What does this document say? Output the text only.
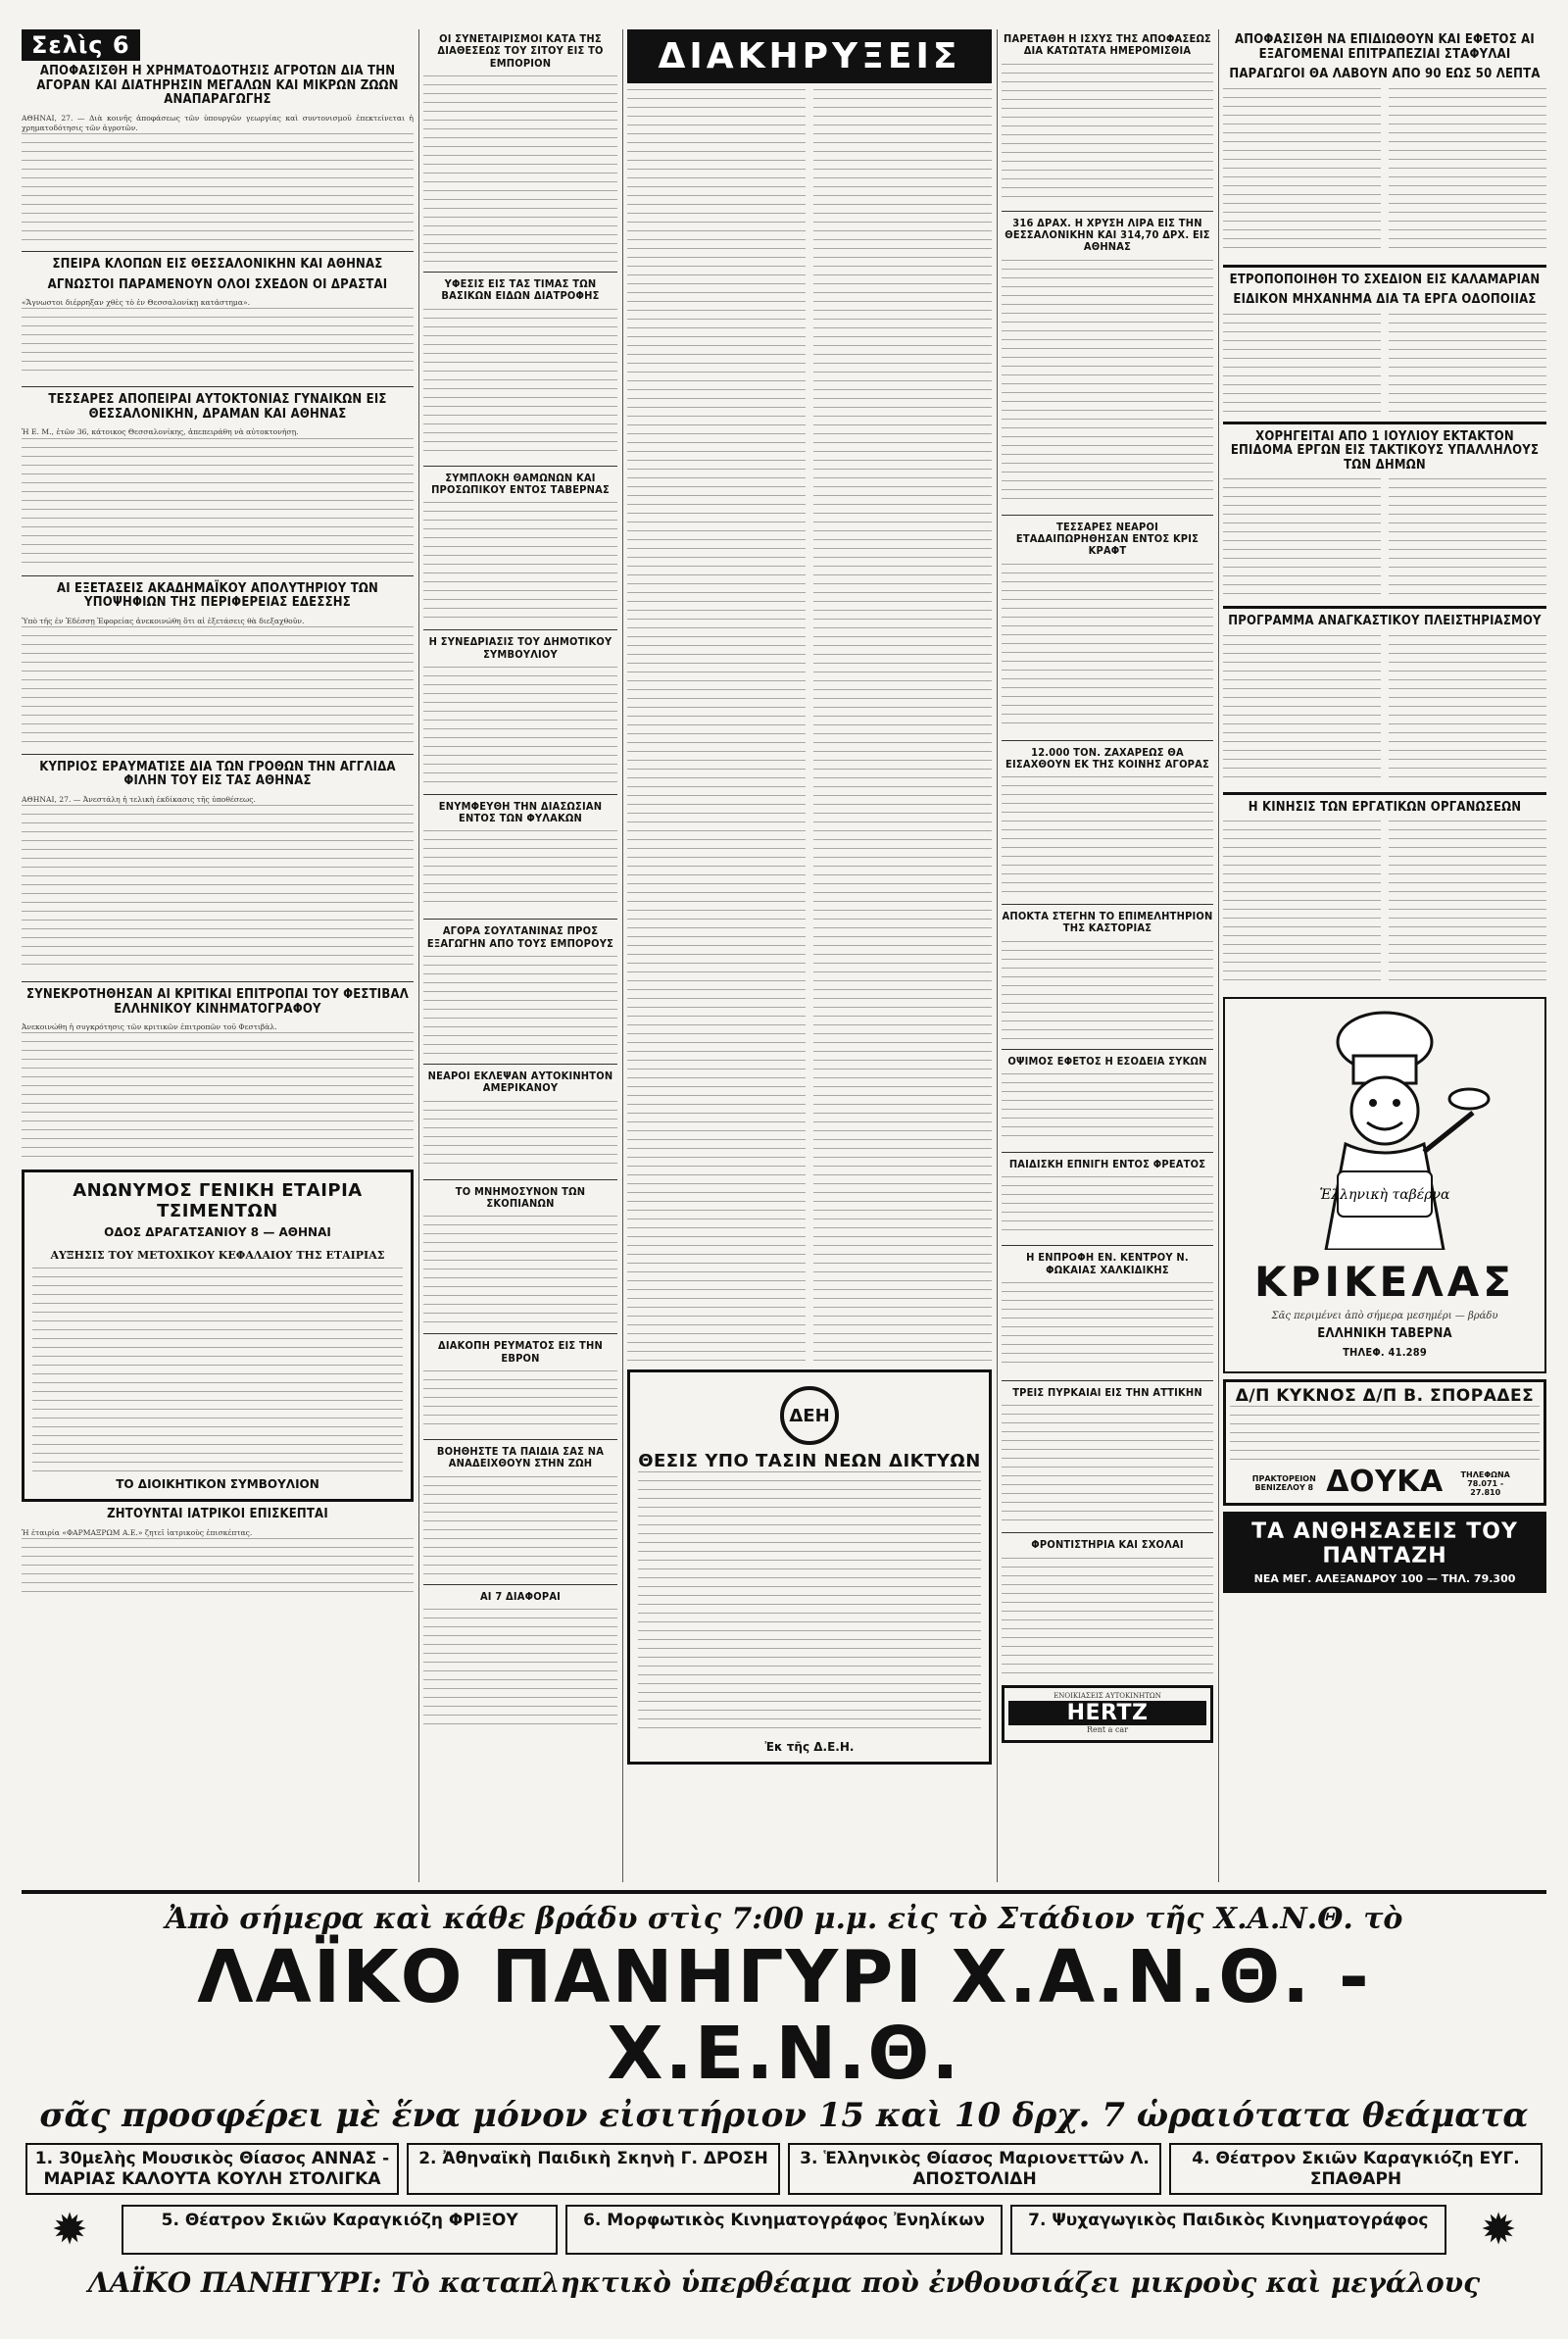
Σελὶς 6
ΑΠΟΦΑΣΙΣΘΗ Η ΧΡΗΜΑΤΟΔΟΤΗΣΙΣ ΑΓΡΟΤΩΝ ΔΙΑ ΤΗΝ ΑΓΟΡΑΝ ΚΑΙ ΔΙΑΤΗΡΗΣΙΝ ΜΕΓΑΛΩΝ ΚΑΙ ΜΙΚΡΩΝ ΖΩΩΝ ΑΝΑΠΑΡΑΓΩΓΗΣ
ΑΘΗΝΑΙ, 27. — Διὰ κοινῆς ἀποφάσεως τῶν ὑπουργῶν γεωργίας καὶ συντονισμοῦ ἐπεκτείνεται ἡ χρηματοδότησις τῶν ἀγροτῶν.
ΣΠΕΙΡΑ ΚΛΟΠΩΝ ΕΙΣ ΘΕΣΣΑΛΟΝΙΚΗΝ ΚΑΙ ΑΘΗΝΑΣ
ΑΓΝΩΣΤΟΙ ΠΑΡΑΜΕΝΟΥΝ ΟΛΟΙ ΣΧΕΔΟΝ ΟΙ ΔΡΑΣΤΑΙ
«Ἄγνωστοι διέρρηξαν χθὲς τὸ ἐν Θεσσαλονίκῃ κατάστημα».
ΤΕΣΣΑΡΕΣ ΑΠΟΠΕΙΡΑΙ ΑΥΤΟΚΤΟΝΙΑΣ ΓΥΝΑΙΚΩΝ ΕΙΣ ΘΕΣΣΑΛΟΝΙΚΗΝ, ΔΡΑΜΑΝ ΚΑΙ ΑΘΗΝΑΣ
Ἡ Ε. Μ., ἐτῶν 36, κάτοικος Θεσσαλονίκης, ἀπεπειράθη νὰ αὐτοκτονήσῃ.
ΑΙ ΕΞΕΤΑΣΕΙΣ ΑΚΑΔΗΜΑΪΚΟΥ ΑΠΟΛΥΤΗΡΙΟΥ ΤΩΝ ΥΠΟΨΗΦΙΩΝ ΤΗΣ ΠΕΡΙΦΕΡΕΙΑΣ ΕΔΕΣΣΗΣ
Ὑπὸ τῆς ἐν Ἐδέσσῃ Ἐφορείας ἀνεκοινώθη ὅτι αἱ ἐξετάσεις θὰ διεξαχθοῦν.
ΚΥΠΡΙΟΣ ΕΡΑΥΜΑΤΙΣΕ ΔΙΑ ΤΩΝ ΓΡΟΘΩΝ ΤΗΝ ΑΓΓΛΙΔΑ ΦΙΛΗΝ ΤΟΥ ΕΙΣ ΤΑΣ ΑΘΗΝΑΣ
ΑΘΗΝΑΙ, 27. — Ἀνεστάλη ἡ τελικὴ ἐκδίκασις τῆς ὑποθέσεως.
ΣΥΝΕΚΡΟΤΗΘΗΣΑΝ ΑΙ ΚΡΙΤΙΚΑΙ ΕΠΙΤΡΟΠΑΙ ΤΟΥ ΦΕΣΤΙΒΑΛ ΕΛΛΗΝΙΚΟΥ ΚΙΝΗΜΑΤΟΓΡΑΦΟΥ
Ἀνεκοινώθη ἡ συγκρότησις τῶν κριτικῶν ἐπιτροπῶν τοῦ Φεστιβὰλ.
ΑΝΩΝΥΜΟΣ ΓΕΝΙΚΗ ΕΤΑΙΡΙΑ ΤΣΙΜΕΝΤΩΝ
ΟΔΟΣ ΔΡΑΓΑΤΣΑΝΙΟΥ 8 — ΑΘΗΝΑΙ
ΑΥΞΗΣΙΣ ΤΟΥ ΜΕΤΟΧΙΚΟΥ ΚΕΦΑΛΑΙΟΥ ΤΗΣ ΕΤΑΙΡΙΑΣ
ΤΟ ΔΙΟΙΚΗΤΙΚΟΝ ΣΥΜΒΟΥΛΙΟΝ
ΖΗΤΟΥΝΤΑΙ ΙΑΤΡΙΚΟΙ ΕΠΙΣΚΕΠΤΑΙ
Ἡ ἐταιρία «ΦΑΡΜΑΞΡΩΜ Α.Ε.» ζητεῖ ἰατρικοὺς ἐπισκέπτας.
ΟΙ ΣΥΝΕΤΑΙΡΙΣΜΟΙ ΚΑΤΑ ΤΗΣ ΔΙΑΘΕΣΕΩΣ ΤΟΥ ΣΙΤΟΥ ΕΙΣ ΤΟ ΕΜΠΟΡΙΟΝ
ΥΦΕΣΙΣ ΕΙΣ ΤΑΣ ΤΙΜΑΣ ΤΩΝ ΒΑΣΙΚΩΝ ΕΙΔΩΝ ΔΙΑΤΡΟΦΗΣ
ΣΥΜΠΛΟΚΗ ΘΑΜΩΝΩΝ ΚΑΙ ΠΡΟΣΩΠΙΚΟΥ ΕΝΤΟΣ ΤΑΒΕΡΝΑΣ
Η ΣΥΝΕΔΡΙΑΣΙΣ ΤΟΥ ΔΗΜΟΤΙΚΟΥ ΣΥΜΒΟΥΛΙΟΥ
ΕΝΥΜΦΕΥΘΗ ΤΗΝ ΔΙΑΣΩΣΙΑΝ ΕΝΤΟΣ ΤΩΝ ΦΥΛΑΚΩΝ
ΑΓΟΡΑ ΣΟΥΛΤΑΝΙΝΑΣ ΠΡΟΣ ΕΞΑΓΩΓΗΝ ΑΠΟ ΤΟΥΣ ΕΜΠΟΡΟΥΣ
ΝΕΑΡΟΙ ΕΚΛΕΨΑΝ ΑΥΤΟΚΙΝΗΤΟΝ ΑΜΕΡΙΚΑΝΟΥ
ΤΟ ΜΝΗΜΟΣΥΝΟΝ ΤΩΝ ΣΚΟΠΙΑΝΩΝ
ΔΙΑΚΟΠΗ ΡΕΥΜΑΤΟΣ ΕΙΣ ΤΗΝ ΕΒΡΟΝ
ΒΟΗΘΗΣΤΕ ΤΑ ΠΑΙΔΙΑ ΣΑΣ ΝΑ ΑΝΑΔΕΙΧΘΟΥΝ ΣΤΗΝ ΖΩΗ
ΑΙ 7 ΔΙΑΦΟΡΑΙ
ΔΙΑΚΗΡΥΞΕΙΣ
ΔΕΗ
ΘΕΣΙΣ ΥΠΟ ΤΑΣΙΝ ΝΕΩΝ ΔΙΚΤΥΩΝ
Ἐκ τῆς Δ.Ε.Η.
ΠΑΡΕΤΑΘΗ Η ΙΣΧΥΣ ΤΗΣ ΑΠΟΦΑΣΕΩΣ ΔΙΑ ΚΑΤΩΤΑΤΑ ΗΜΕΡΟΜΙΣΘΙΑ
316 ΔΡΑΧ. Η ΧΡΥΣΗ ΛΙΡΑ ΕΙΣ ΤΗΝ ΘΕΣΣΑΛΟΝΙΚΗΝ ΚΑΙ 314,70 ΔΡΧ. ΕΙΣ ΑΘΗΝΑΣ
ΤΕΣΣΑΡΕΣ ΝΕΑΡΟΙ ΕΤΑΔΑΙΠΩΡΗΘΗΣΑΝ ΕΝΤΟΣ ΚΡΙΣ ΚΡΑΦΤ
12.000 ΤΟΝ. ΖΑΧΑΡΕΩΣ ΘΑ ΕΙΣΑΧΘΟΥΝ ΕΚ ΤΗΣ ΚΟΙΝΗΣ ΑΓΟΡΑΣ
ΑΠΟΚΤΑ ΣΤΕΓΗΝ ΤΟ ΕΠΙΜΕΛΗΤΗΡΙΟΝ ΤΗΣ ΚΑΣΤΟΡΙΑΣ
ΟΨΙΜΟΣ ΕΦΕΤΟΣ Η ΕΣΟΔΕΙΑ ΣΥΚΩΝ
ΠΑΙΔΙΣΚΗ ΕΠΝΙΓΗ ΕΝΤΟΣ ΦΡΕΑΤΟΣ
Η ΕΝΠΡΟΦΗ ΕΝ. ΚΕΝΤΡΟΥ Ν. ΦΩΚΑΙΑΣ ΧΑΛΚΙΔΙΚΗΣ
ΤΡΕΙΣ ΠΥΡΚΑΙΑΙ ΕΙΣ ΤΗΝ ΑΤΤΙΚΗΝ
ΦΡΟΝΤΙΣΤΗΡΙΑ ΚΑΙ ΣΧΟΛΑΙ
ΕΝΟΙΚΙΑΣΕΙΣ ΑΥΤΟΚΙΝΗΤΩΝ
HERTZ
Rent a car
ΑΠΟΦΑΣΙΣΘΗ ΝΑ ΕΠΙΔΙΩΘΟΥΝ ΚΑΙ ΕΦΕΤΟΣ ΑΙ ΕΞΑΓΟΜΕΝΑΙ ΕΠΙΤΡΑΠΕΖΙΑΙ ΣΤΑΦΥΛΑΙ
ΠΑΡΑΓΩΓΟΙ ΘΑ ΛΑΒΟΥΝ ΑΠΟ 90 ΕΩΣ 50 ΛΕΠΤΑ
ΕΤΡΟΠΟΠΟΙΗΘΗ ΤΟ ΣΧΕΔΙΟΝ ΕΙΣ ΚΑΛΑΜΑΡΙΑΝ
ΕΙΔΙΚΟΝ ΜΗΧΑΝΗΜΑ ΔΙΑ ΤΑ ΕΡΓΑ ΟΔΟΠΟΙΙΑΣ
ΧΟΡΗΓΕΙΤΑΙ ΑΠΟ 1 ΙΟΥΛΙΟΥ ΕΚΤΑΚΤΟΝ ΕΠΙΔΟΜΑ ΕΡΓΩΝ ΕΙΣ ΤΑΚΤΙΚΟΥΣ ΥΠΑΛΛΗΛΟΥΣ ΤΩΝ ΔΗΜΩΝ
ΠΡΟΓΡΑΜΜΑ ΑΝΑΓΚΑΣΤΙΚΟΥ ΠΛΕΙΣΤΗΡΙΑΣΜΟΥ
Η ΚΙΝΗΣΙΣ ΤΩΝ ΕΡΓΑΤΙΚΩΝ ΟΡΓΑΝΩΣΕΩΝ
Ἑλληνικὴ ταβέρνα
ΚΡΙΚΕΛΑΣ
Σᾶς περιμένει ἀπὸ σήμερα μεσημέρι — βράδυ
ΕΛΛΗΝΙΚΗ ΤΑΒΕΡΝΑ
ΤΗΛΕΦ. 41.289
Δ/Π ΚΥΚΝΟΣ Δ/Π Β. ΣΠΟΡΑΔΕΣ
ΠΡΑΚΤΟΡΕΙΟΝ ΒΕΝΙΖΕΛΟΥ 8 ΔΟΥΚΑ	ΤΗΛΕΦΩΝΑ 78.071 - 27.810
ΤΑ ΑΝΘΗΣΑΣΕΙΣ ΤΟΥ ΠΑΝΤΑΖΗ
ΝΕΑ ΜΕΓ. ΑΛΕΞΑΝΔΡΟΥ 100 — ΤΗΛ. 79.300
Ἀπὸ σήμερα καὶ κάθε βράδυ στὶς 7:00 μ.μ. εἰς τὸ Στάδιον τῆς Χ.Α.Ν.Θ. τὸ
ΛΑΪΚΟ ΠΑΝΗΓΥΡΙ Χ.Α.Ν.Θ. - Χ.Ε.Ν.Θ.
σᾶς προσφέρει μὲ ἕνα μόνον εἰσιτήριον 15 καὶ 10 δρχ. 7 ὡραιότατα θεάματα
1. 30μελὴς Μουσικὸς Θίασος ΑΝΝΑΣ - ΜΑΡΙΑΣ ΚΑΛΟΥΤΑ ΚΟΥΛΗ ΣΤΟΛΙΓΚΑ
2. Ἀθηναϊκὴ Παιδικὴ Σκηνὴ Γ. ΔΡΟΣΗ	3. Ἑλληνικὸς Θίασος Μαριονεττῶν Λ. ΑΠΟΣΤΟΛΙΔΗ
4. Θέατρον Σκιῶν Καραγκιόζη ΕΥΓ. ΣΠΑΘΑΡΗ
✹	5. Θέατρον Σκιῶν Καραγκιόζη ΦΡΙΞΟΥ	6. Μορφωτικὸς Κινηματογράφος Ἐνηλίκων	7. Ψυχαγωγικὸς Παιδικὸς Κινηματογράφος	✹
ΛΑΪΚΟ ΠΑΝΗΓΥΡΙ: Τὸ καταπληκτικὸ ὑπερθέαμα ποὺ ἐνθουσιάζει μικροὺς καὶ μεγάλους
